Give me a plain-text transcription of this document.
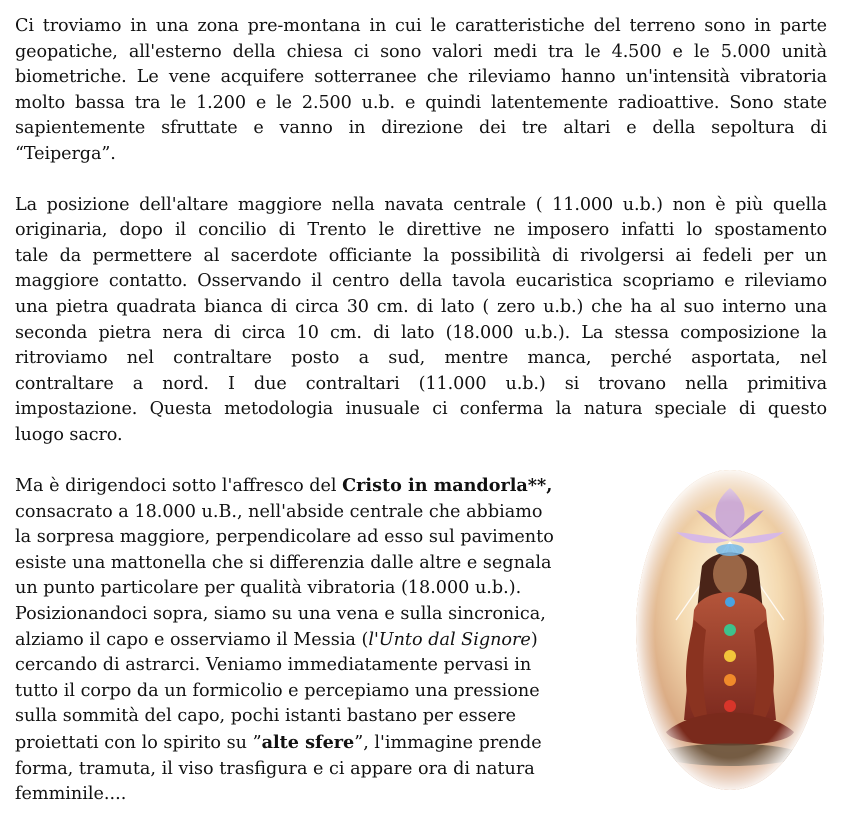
Ci troviamo in una zona pre-montana in cui le caratteristiche del terreno sono in parte
geopatiche, all'esterno della chiesa ci sono valori medi tra le 4.500 e le 5.000 unità
biometriche. Le vene acquifere sotterranee che rileviamo hanno un'intensità vibratoria
molto bassa tra le 1.200 e le 2.500 u.b. e quindi latentemente radioattive. Sono state
sapientemente sfruttate e vanno in direzione dei tre altari e della sepoltura di
“Teiperga”.

La posizione dell'altare maggiore nella navata centrale ( 11.000 u.b.) non è più quella
originaria, dopo il concilio di Trento le direttive ne imposero infatti lo spostamento
tale da permettere al sacerdote officiante la possibilità di rivolgersi ai fedeli per un
maggiore contatto. Osservando il centro della tavola eucaristica scopriamo e rileviamo
una pietra quadrata bianca di circa 30 cm. di lato ( zero u.b.) che ha al suo interno una
seconda pietra nera di circa 10 cm. di lato (18.000 u.b.). La stessa composizione la
ritroviamo nel contraltare posto a sud, mentre manca, perché asportata, nel
contraltare a nord. I due contraltari (11.000 u.b.) si trovano nella primitiva
impostazione. Questa metodologia inusuale ci conferma la natura speciale di questo
luogo sacro.

Ma è dirigendoci sotto l'affresco del Cristo in mandorla**,
consacrato a 18.000 u.B., nell'abside centrale che abbiamo
la sorpresa maggiore, perpendicolare ad esso sul pavimento
esiste una mattonella che si differenzia dalle altre e segnala
un punto particolare per qualità vibratoria (18.000 u.b.).
Posizionandoci sopra, siamo su una vena e sulla sincronica,
alziamo il capo e osserviamo il Messia (l'Unto dal Signore)
cercando di astrarci. Veniamo immediatamente pervasi in
tutto il corpo da un formicolio e percepiamo una pressione
sulla sommità del capo, pochi istanti bastano per essere
proiettati con lo spirito su ”alte sfere”, l'immagine prende
forma, tramuta, il viso trasfigura e ci appare ora di natura
femminile....
